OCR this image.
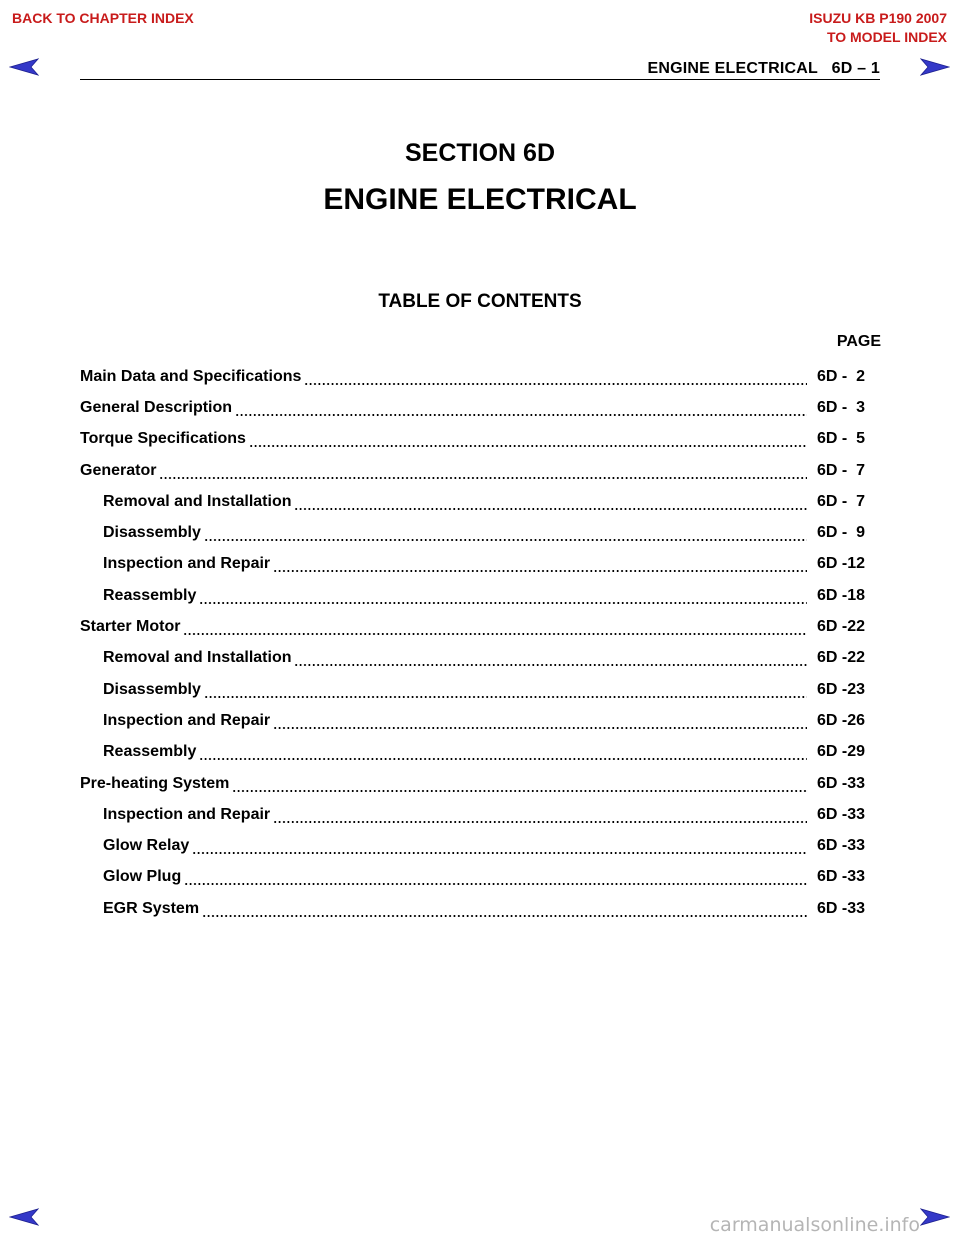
BACK TO CHAPTER INDEX	ISUZU KB P190 2007
TO MODEL INDEX
ENGINE ELECTRICAL   6D – 1
SECTION 6D
ENGINE ELECTRICAL
TABLE OF CONTENTS
PAGE
Main Data and Specifications	6D -  2
General Description	6D -  3
Torque Specifications	6D -  5
Generator	6D -  7
Removal and Installation	6D -  7
Disassembly	6D -  9
Inspection and Repair	6D -12
Reassembly	6D -18
Starter Motor	6D -22
Removal and Installation	6D -22
Disassembly	6D -23
Inspection and Repair	6D -26
Reassembly	6D -29
Pre-heating System	6D -33
Inspection and Repair	6D -33
Glow Relay	6D -33
Glow Plug	6D -33
EGR System	6D -33
carmanualsonline.info
